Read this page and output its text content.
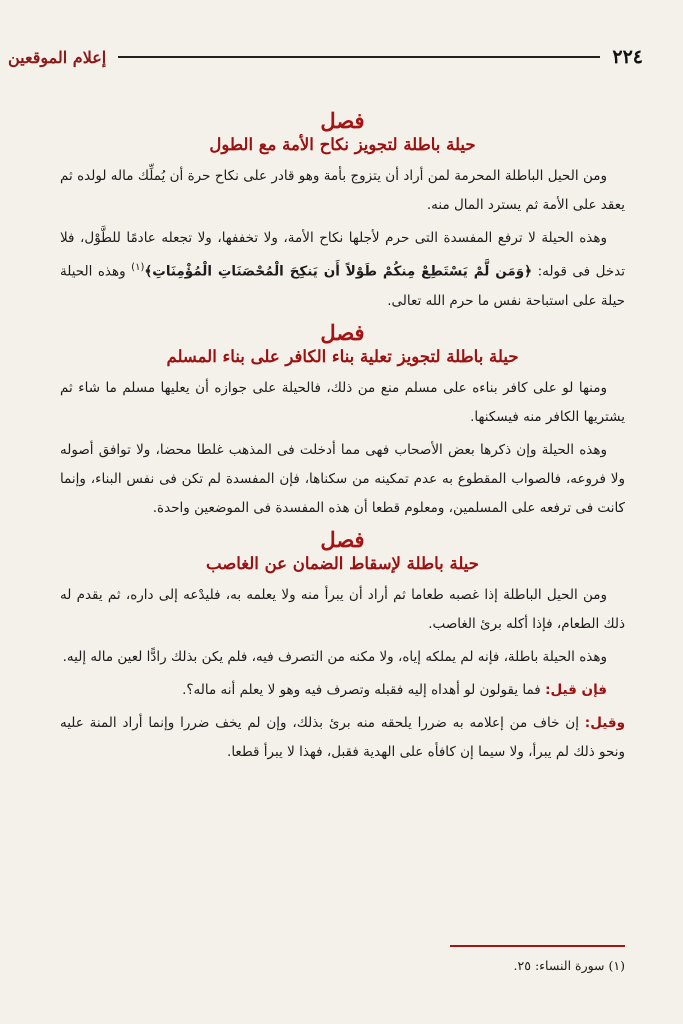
٢٢٤
إعلام الموقعين
فصل
حيلة باطلة لتجويز نكاح الأمة مع الطول

ومن الحيل الباطلة المحرمة لمن أراد أن يتزوج بأمة وهو قادر على نكاح حرة أن يُملِّك ماله لولده ثم يعقد على الأمة ثم يسترد المال منه.

وهذه الحيلة لا ترفع المفسدة التى حرم لأجلها نكاح الأمة، ولا تخففها، ولا تجعله عادمًا للطَّوْل، فلا تدخل فى قوله: ﴿وَمَن لَّمْ يَسْتَطِعْ مِنكُمْ طَوْلاً أَن يَنكِحَ الْمُحْصَنَاتِ الْمُؤْمِنَاتِ﴾$^{(١)}$ وهذه الحيلة حيلة على استباحة نفس ما حرم الله تعالى.

فصل
حيلة باطلة لتجويز تعلية بناء الكافر على بناء المسلم

ومنها لو على كافر بناءه على مسلم منع من ذلك، فالحيلة على جوازه أن يعليها مسلم ما شاء ثم يشتريها الكافر منه فيسكنها.

وهذه الحيلة وإن ذكرها بعض الأصحاب فهى مما أدخلت فى المذهب غلطا محضا، ولا توافق أصوله ولا فروعه، فالصواب المقطوع به عدم تمكينه من سكناها، فإن المفسدة لم تكن فى نفس البناء، وإنما كانت فى ترفعه على المسلمين، ومعلوم قطعا أن هذه المفسدة فى الموضعين واحدة.

فصل
حيلة باطلة لإسقاط الضمان عن الغاصب

ومن الحيل الباطلة إذا غصبه طعاما ثم أراد أن يبرأ منه ولا يعلمه به، فليدْعه إلى داره، ثم يقدم له ذلك الطعام، فإذا أكله برئ الغاصب.

وهذه الحيلة باطلة، فإنه لم يملكه إياه، ولا مكنه من التصرف فيه، فلم يكن بذلك رادًّا لعين ماله إليه.

فإن قيل: فما يقولون لو أهداه إليه فقبله وتصرف فيه وهو لا يعلم أنه ماله؟.

وقيل: إن خاف من إعلامه به ضررا يلحقه منه برئ بذلك، وإن لم يخف ضررا وإنما أراد المنة عليه ونحو ذلك لم يبرأ، ولا سيما إن كافأه على الهدية فقبل، فهذا لا يبرأ قطعا.

(١) سورة النساء: ٢٥.
